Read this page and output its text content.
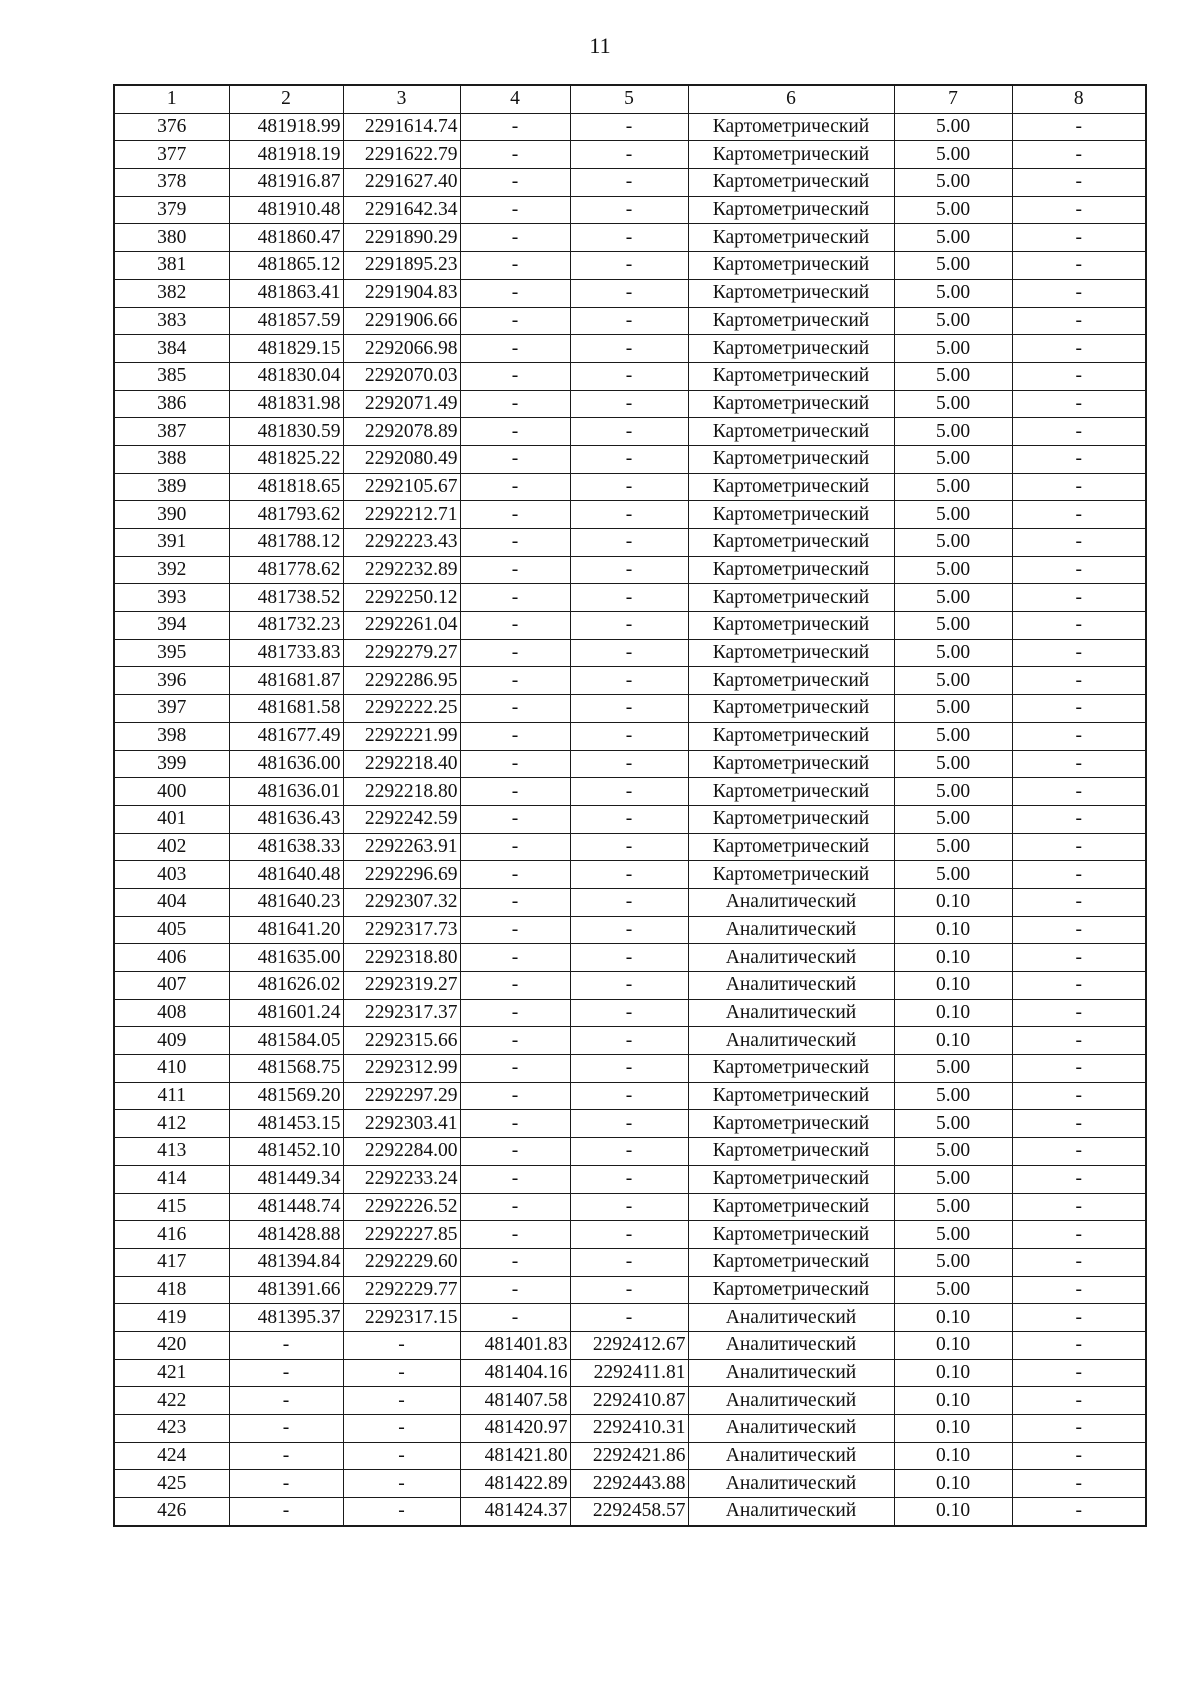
11
1	2	3	4	5	6	7	8
376	481918.99	2291614.74	-	-	Картометрический	5.00	-
377	481918.19	2291622.79	-	-	Картометрический	5.00	-
378	481916.87	2291627.40	-	-	Картометрический	5.00	-
379	481910.48	2291642.34	-	-	Картометрический	5.00	-
380	481860.47	2291890.29	-	-	Картометрический	5.00	-
381	481865.12	2291895.23	-	-	Картометрический	5.00	-
382	481863.41	2291904.83	-	-	Картометрический	5.00	-
383	481857.59	2291906.66	-	-	Картометрический	5.00	-
384	481829.15	2292066.98	-	-	Картометрический	5.00	-
385	481830.04	2292070.03	-	-	Картометрический	5.00	-
386	481831.98	2292071.49	-	-	Картометрический	5.00	-
387	481830.59	2292078.89	-	-	Картометрический	5.00	-
388	481825.22	2292080.49	-	-	Картометрический	5.00	-
389	481818.65	2292105.67	-	-	Картометрический	5.00	-
390	481793.62	2292212.71	-	-	Картометрический	5.00	-
391	481788.12	2292223.43	-	-	Картометрический	5.00	-
392	481778.62	2292232.89	-	-	Картометрический	5.00	-
393	481738.52	2292250.12	-	-	Картометрический	5.00	-
394	481732.23	2292261.04	-	-	Картометрический	5.00	-
395	481733.83	2292279.27	-	-	Картометрический	5.00	-
396	481681.87	2292286.95	-	-	Картометрический	5.00	-
397	481681.58	2292222.25	-	-	Картометрический	5.00	-
398	481677.49	2292221.99	-	-	Картометрический	5.00	-
399	481636.00	2292218.40	-	-	Картометрический	5.00	-
400	481636.01	2292218.80	-	-	Картометрический	5.00	-
401	481636.43	2292242.59	-	-	Картометрический	5.00	-
402	481638.33	2292263.91	-	-	Картометрический	5.00	-
403	481640.48	2292296.69	-	-	Картометрический	5.00	-
404	481640.23	2292307.32	-	-	Аналитический	0.10	-
405	481641.20	2292317.73	-	-	Аналитический	0.10	-
406	481635.00	2292318.80	-	-	Аналитический	0.10	-
407	481626.02	2292319.27	-	-	Аналитический	0.10	-
408	481601.24	2292317.37	-	-	Аналитический	0.10	-
409	481584.05	2292315.66	-	-	Аналитический	0.10	-
410	481568.75	2292312.99	-	-	Картометрический	5.00	-
411	481569.20	2292297.29	-	-	Картометрический	5.00	-
412	481453.15	2292303.41	-	-	Картометрический	5.00	-
413	481452.10	2292284.00	-	-	Картометрический	5.00	-
414	481449.34	2292233.24	-	-	Картометрический	5.00	-
415	481448.74	2292226.52	-	-	Картометрический	5.00	-
416	481428.88	2292227.85	-	-	Картометрический	5.00	-
417	481394.84	2292229.60	-	-	Картометрический	5.00	-
418	481391.66	2292229.77	-	-	Картометрический	5.00	-
419	481395.37	2292317.15	-	-	Аналитический	0.10	-
420	-	-	481401.83	2292412.67	Аналитический	0.10	-
421	-	-	481404.16	2292411.81	Аналитический	0.10	-
422	-	-	481407.58	2292410.87	Аналитический	0.10	-
423	-	-	481420.97	2292410.31	Аналитический	0.10	-
424	-	-	481421.80	2292421.86	Аналитический	0.10	-
425	-	-	481422.89	2292443.88	Аналитический	0.10	-
426	-	-	481424.37	2292458.57	Аналитический	0.10	-
